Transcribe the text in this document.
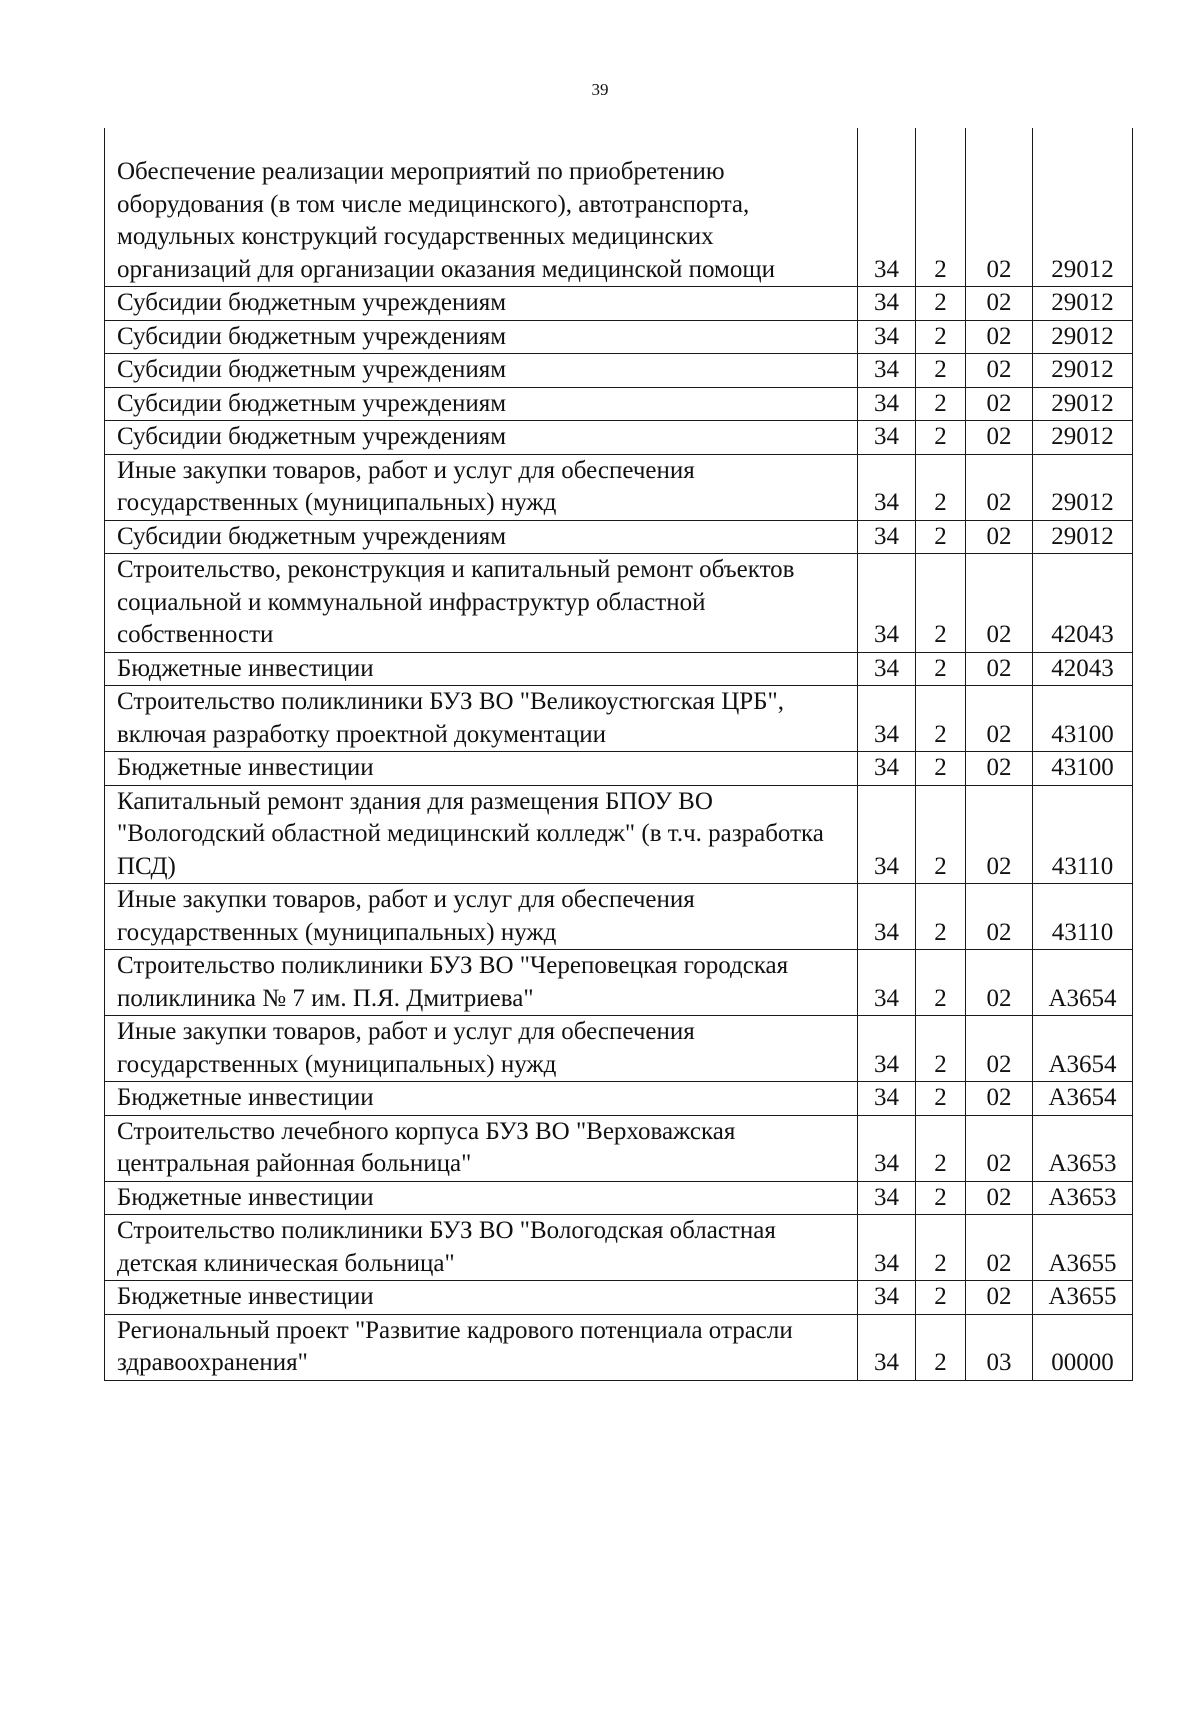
39
Обеспечение реализации мероприятий по приобретению оборудования (в том числе медицинского), автотранспорта, модульных конструкций государственных медицинских организаций для организации оказания медицинской помощи	34	2	02	29012
Субсидии бюджетным учреждениям	34	2	02	29012
Субсидии бюджетным учреждениям	34	2	02	29012
Субсидии бюджетным учреждениям	34	2	02	29012
Субсидии бюджетным учреждениям	34	2	02	29012
Субсидии бюджетным учреждениям	34	2	02	29012
Иные закупки товаров, работ и услуг для обеспечения государственных (муниципальных) нужд	34	2	02	29012
Субсидии бюджетным учреждениям	34	2	02	29012
Строительство, реконструкция и капитальный ремонт объектов социальной и коммунальной инфраструктур областной собственности	34	2	02	42043
Бюджетные инвестиции	34	2	02	42043
Строительство поликлиники БУЗ ВО "Великоустюгская ЦРБ", включая разработку проектной документации	34	2	02	43100
Бюджетные инвестиции	34	2	02	43100
Капитальный ремонт здания для размещения БПОУ ВО "Вологодский областной медицинский колледж" (в т.ч. разработка ПСД)	34	2	02	43110
Иные закупки товаров, работ и услуг для обеспечения государственных (муниципальных) нужд	34	2	02	43110
Строительство поликлиники БУЗ ВО "Череповецкая городская поликлиника № 7 им. П.Я. Дмитриева"	34	2	02	А3654
Иные закупки товаров, работ и услуг для обеспечения государственных (муниципальных) нужд	34	2	02	А3654
Бюджетные инвестиции	34	2	02	А3654
Строительство лечебного корпуса БУЗ ВО "Верховажская центральная районная больница"	34	2	02	А3653
Бюджетные инвестиции	34	2	02	А3653
Строительство поликлиники БУЗ ВО "Вологодская областная детская клиническая больница"	34	2	02	А3655
Бюджетные инвестиции	34	2	02	А3655
Региональный проект "Развитие кадрового потенциала отрасли здравоохранения"	34	2	03	00000
